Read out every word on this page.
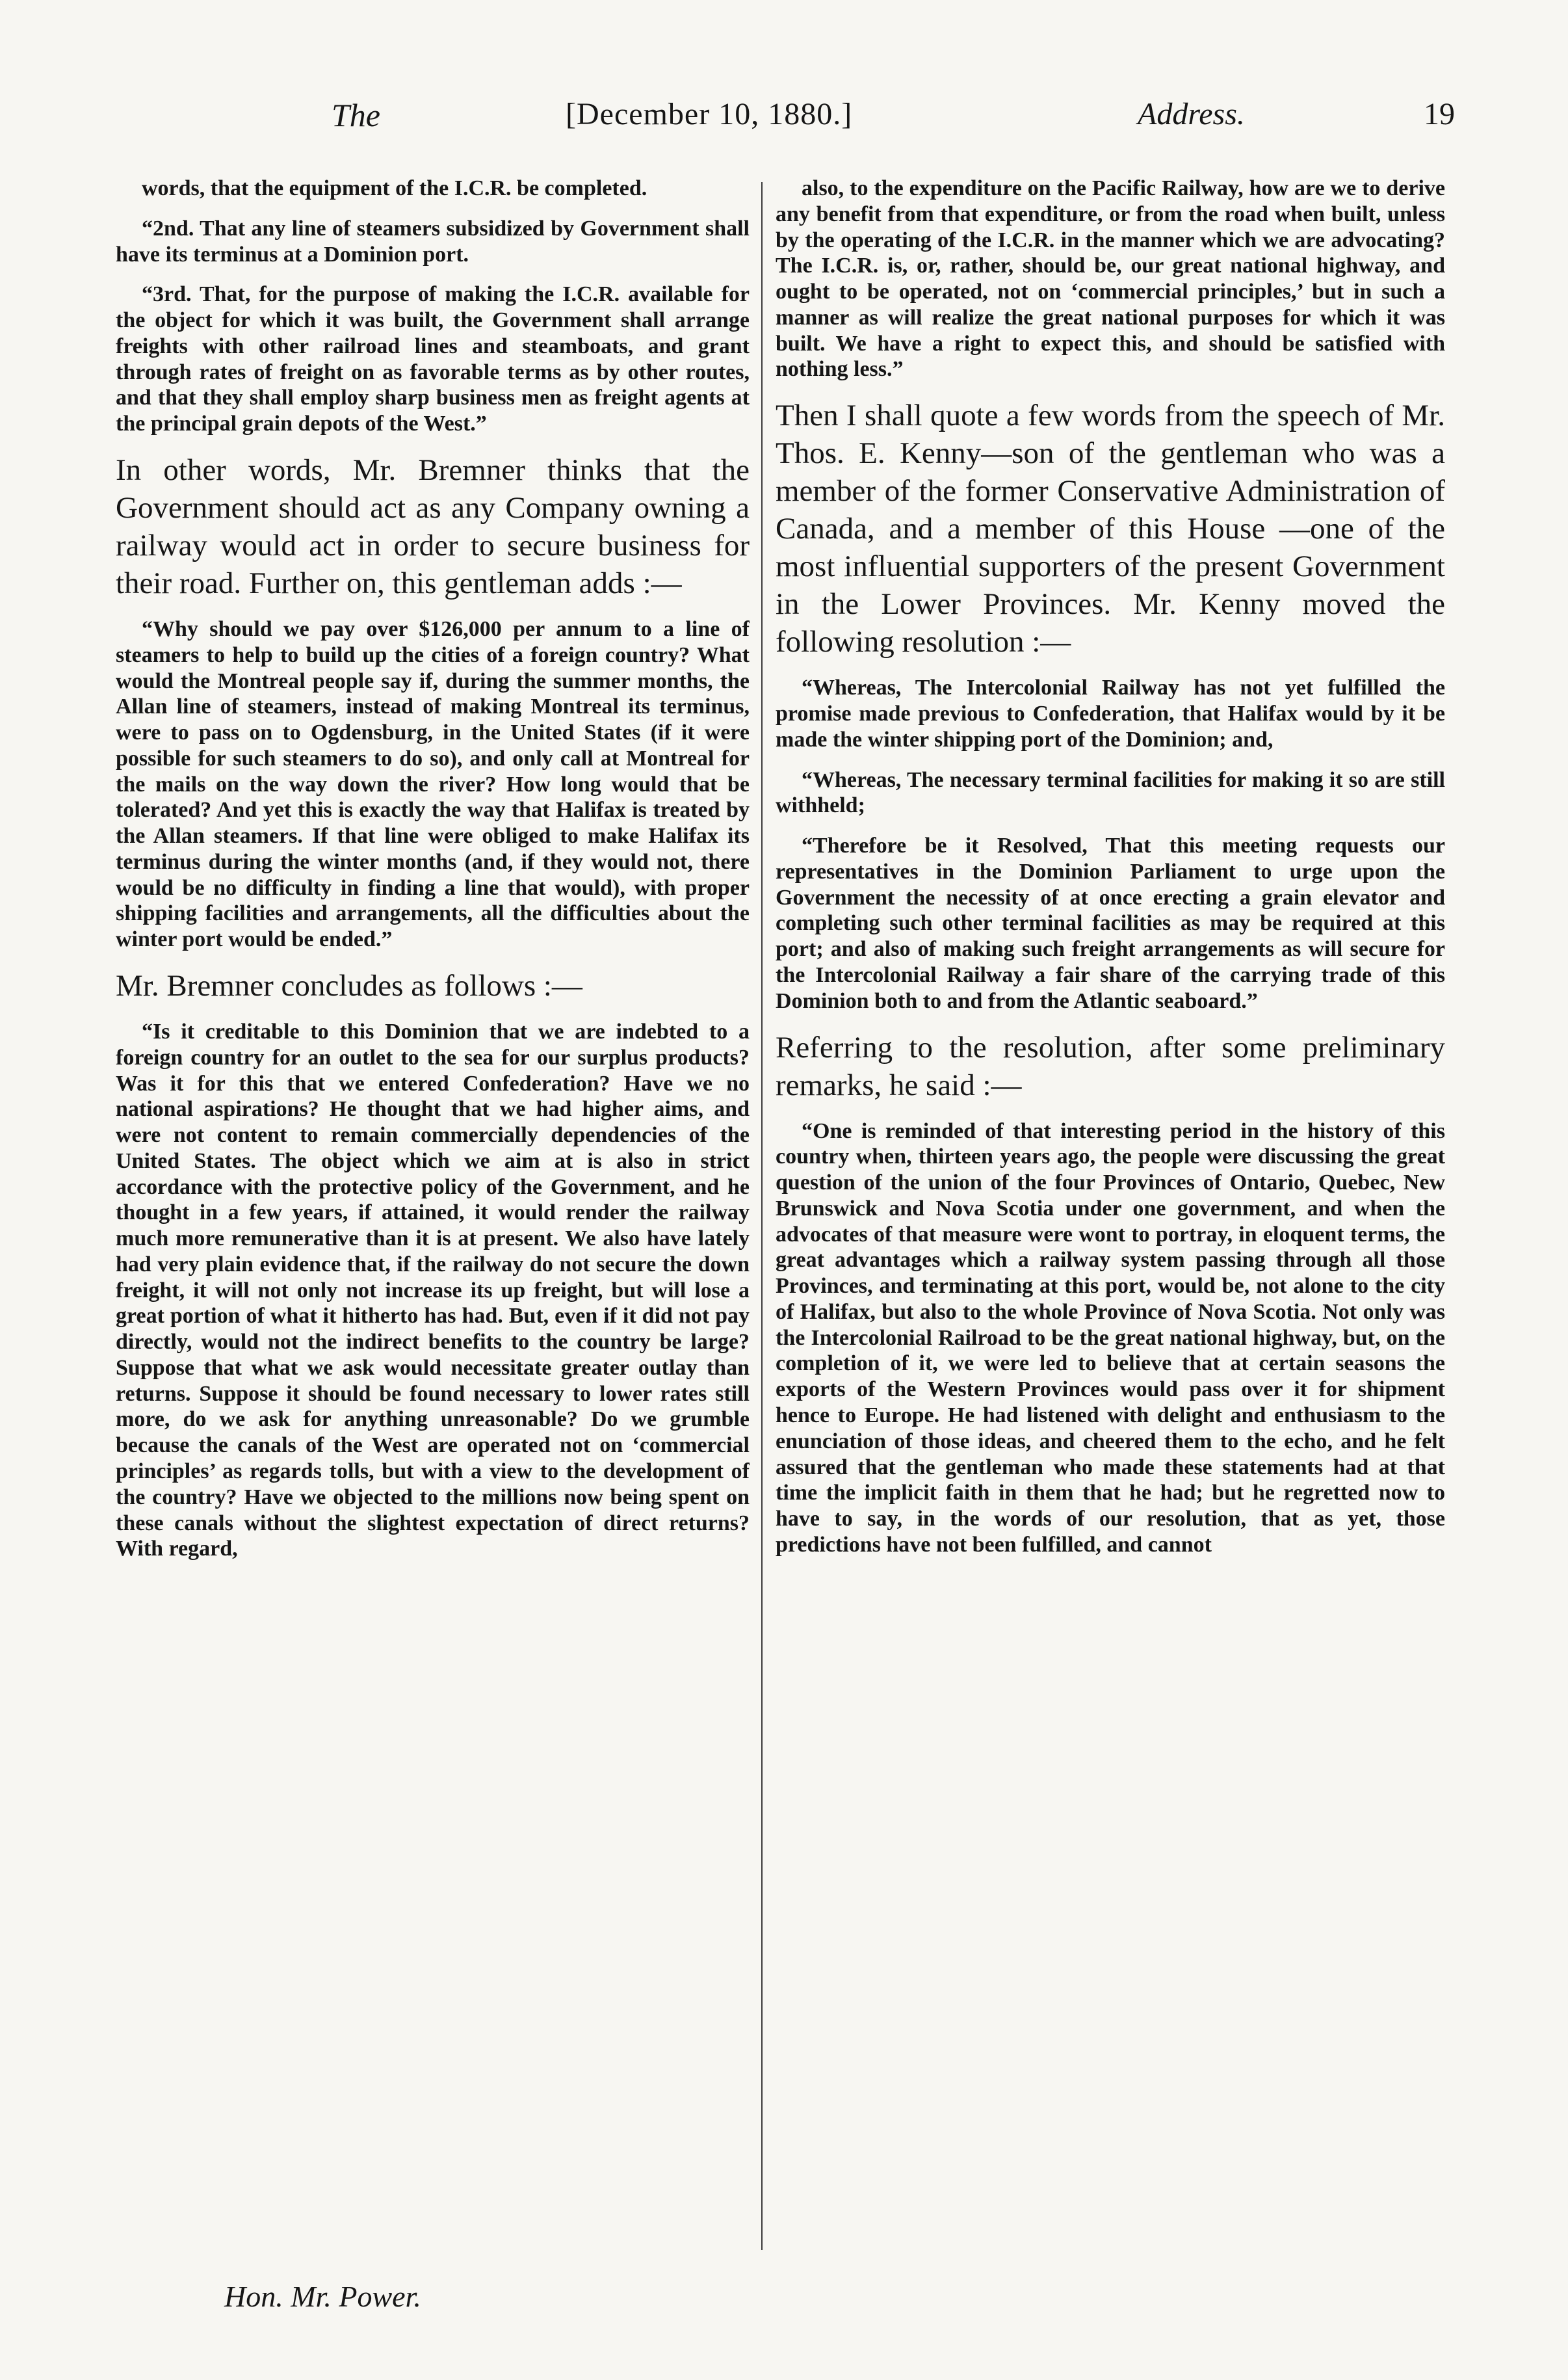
The	[December 10, 1880.]	Address.	19

words, that the equipment of the I.C.R. be completed.

“2nd. That any line of steamers subsidized by Government shall have its terminus at a Dominion port.

“3rd. That, for the purpose of making the I.C.R. available for the object for which it was built, the Government shall arrange freights with other railroad lines and steamboats, and grant through rates of freight on as favorable terms as by other routes, and that they shall employ sharp business men as freight agents at the principal grain depots of the West.”

In other words, Mr. Bremner thinks that the Government should act as any Company owning a railway would act in order to secure business for their road. Further on, this gentleman adds :—

“Why should we pay over $126,000 per annum to a line of steamers to help to build up the cities of a foreign country? What would the Montreal people say if, during the summer months, the Allan line of steamers, instead of making Montreal its terminus, were to pass on to Ogdensburg, in the United States (if it were possible for such steamers to do so), and only call at Montreal for the mails on the way down the river? How long would that be tolerated? And yet this is exactly the way that Halifax is treated by the Allan steamers. If that line were obliged to make Halifax its terminus during the winter months (and, if they would not, there would be no difficulty in finding a line that would), with proper shipping facilities and arrangements, all the difficulties about the winter port would be ended.”

Mr. Bremner concludes as follows :—

“Is it creditable to this Dominion that we are indebted to a foreign country for an outlet to the sea for our surplus products? Was it for this that we entered Confederation? Have we no national aspirations? He thought that we had higher aims, and were not content to remain commercially dependencies of the United States. The object which we aim at is also in strict accordance with the protective policy of the Government, and he thought in a few years, if attained, it would render the railway much more remunerative than it is at present. We also have lately had very plain evidence that, if the railway do not secure the down freight, it will not only not increase its up freight, but will lose a great portion of what it hitherto has had. But, even if it did not pay directly, would not the indirect benefits to the country be large? Suppose that what we ask would necessitate greater outlay than returns. Suppose it should be found necessary to lower rates still more, do we ask for anything unreasonable? Do we grumble because the canals of the West are operated not on ‘commercial principles’ as regards tolls, but with a view to the development of the country? Have we objected to the millions now being spent on these canals without the slightest expectation of direct returns? With regard,

also, to the expenditure on the Pacific Railway, how are we to derive any benefit from that expenditure, or from the road when built, unless by the operating of the I.C.R. in the manner which we are advocating? The I.C.R. is, or, rather, should be, our great national highway, and ought to be operated, not on ‘commercial principles,’ but in such a manner as will realize the great national purposes for which it was built. We have a right to expect this, and should be satisfied with nothing less.”

Then I shall quote a few words from the speech of Mr. Thos. E. Kenny—son of the gentleman who was a member of the former Conservative Administration of Canada, and a member of this House —one of the most influential supporters of the present Government in the Lower Provinces. Mr. Kenny moved the following resolution :—

“Whereas, The Intercolonial Railway has not yet fulfilled the promise made previous to Confederation, that Halifax would by it be made the winter shipping port of the Dominion; and,

“Whereas, The necessary terminal facilities for making it so are still withheld;

“Therefore be it Resolved, That this meeting requests our representatives in the Dominion Parliament to urge upon the Government the necessity of at once erecting a grain elevator and completing such other terminal facilities as may be required at this port; and also of making such freight arrangements as will secure for the Intercolonial Railway a fair share of the carrying trade of this Dominion both to and from the Atlantic seaboard.”

Referring to the resolution, after some preliminary remarks, he said :—

“One is reminded of that interesting period in the history of this country when, thirteen years ago, the people were discussing the great question of the union of the four Provinces of Ontario, Quebec, New Brunswick and Nova Scotia under one government, and when the advocates of that measure were wont to portray, in eloquent terms, the great advantages which a railway system passing through all those Provinces, and terminating at this port, would be, not alone to the city of Halifax, but also to the whole Province of Nova Scotia. Not only was the Intercolonial Railroad to be the great national highway, but, on the completion of it, we were led to believe that at certain seasons the exports of the Western Provinces would pass over it for shipment hence to Europe. He had listened with delight and enthusiasm to the enunciation of those ideas, and cheered them to the echo, and he felt assured that the gentleman who made these statements had at that time the implicit faith in them that he had; but he regretted now to have to say, in the words of our resolution, that as yet, those predictions have not been fulfilled, and cannot

Hon. Mr. Power.
